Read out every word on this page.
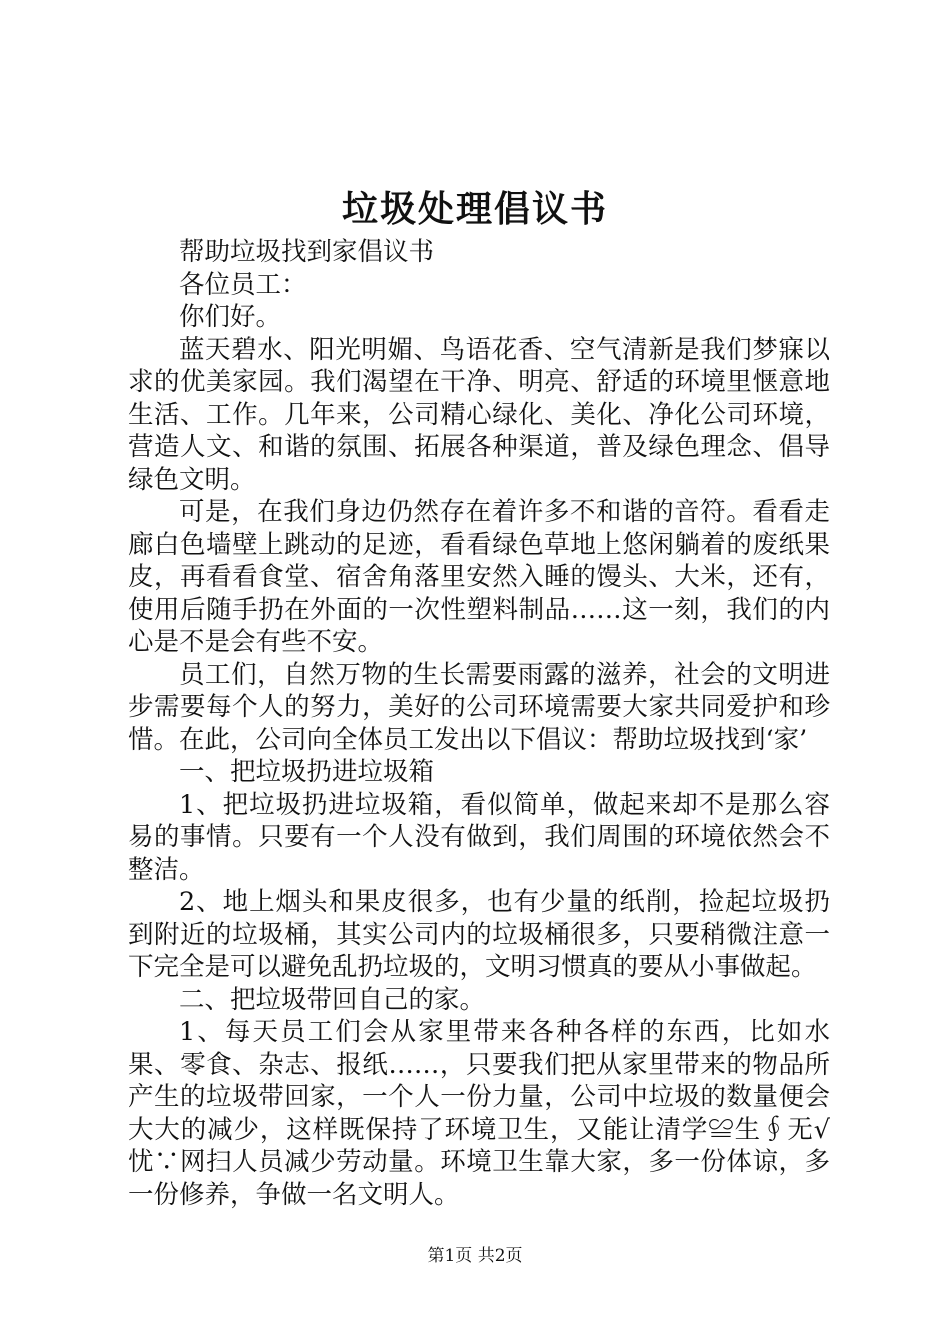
垃圾处理倡议书

帮助垃圾找到家倡议书

各位员工：

你们好。

蓝天碧水、阳光明媚、鸟语花香、空气清新是我们梦寐以求的优美家园。我们渴望在干净、明亮、舒适的环境里惬意地生活、工作。几年来，公司精心绿化、美化、净化公司环境，营造人文、和谐的氛围、拓展各种渠道，普及绿色理念、倡导绿色文明。

可是，在我们身边仍然存在着许多不和谐的音符。看看走廊白色墙壁上跳动的足迹，看看绿色草地上悠闲躺着的废纸果皮，再看看食堂、宿舍角落里安然入睡的馒头、大米，还有，使用后随手扔在外面的一次性塑料制品……这一刻，我们的内心是不是会有些不安。

员工们，自然万物的生长需要雨露的滋养，社会的文明进步需要每个人的努力，美好的公司环境需要大家共同爱护和珍惜。在此，公司向全体员工发出以下倡议：帮助垃圾找到‘家’

一、把垃圾扔进垃圾箱

1、把垃圾扔进垃圾箱，看似简单，做起来却不是那么容易的事情。只要有一个人没有做到，我们周围的环境依然会不整洁。

2、地上烟头和果皮很多，也有少量的纸削，捡起垃圾扔到附近的垃圾桶，其实公司内的垃圾桶很多，只要稍微注意一下完全是可以避免乱扔垃圾的，文明习惯真的要从小事做起。

二、把垃圾带回自己的家。

1、每天员工们会从家里带来各种各样的东西，比如水果、零食、杂志、报纸……，只要我们把从家里带来的物品所产生的垃圾带回家，一个人一份力量，公司中垃圾的数量便会大大的减少，这样既保持了环境卫生，又能让清学≌生∮无√忧∵网扫人员减少劳动量。环境卫生靠大家，多一份体谅，多一份修养，争做一名文明人。

第1页 共2页
